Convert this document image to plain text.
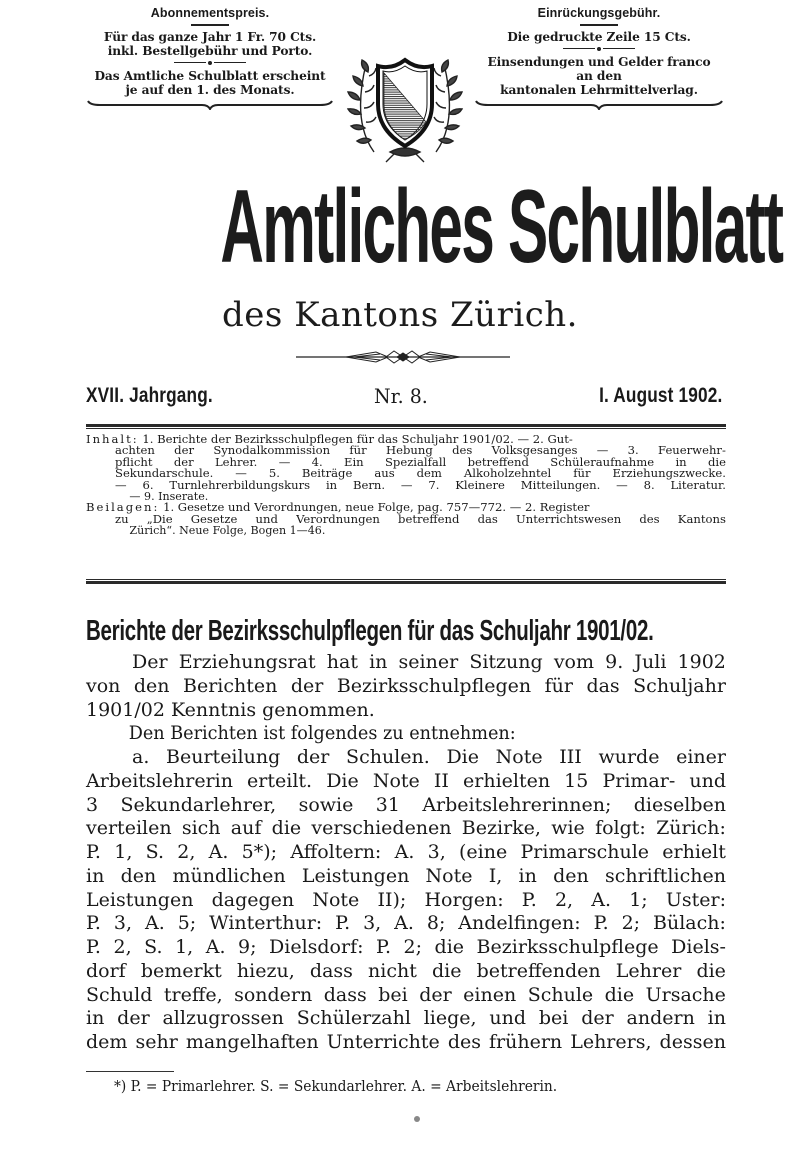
Abonnementspreis.
Für das ganze Jahr 1 Fr. 70 Cts.
inkl. Bestellgebühr und Porto.
Das Amtliche Schulblatt erscheint
je auf den 1. des Monats.
Einrückungsgebühr.
Die gedruckte Zeile 15 Cts.
Einsendungen und Gelder franco
an den
kantonalen Lehrmittelverlag.
Amtliches Schulblatt
des Kantons Zürich.
XVII. Jahrgang.	Nr. 8.	I. August 1902.
Inhalt: 1. Berichte der Bezirksschulpflegen für das Schuljahr 1901/02. — 2. Gut-
achten der Synodalkommission für Hebung des Volksgesanges — 3. Feuerwehr-
pflicht der Lehrer. — 4. Ein Spezialfall betreffend Schüleraufnahme in die
Sekundarschule. — 5. Beiträge aus dem Alkoholzehntel für Erziehungszwecke.
— 6. Turnlehrerbildungskurs in Bern. — 7. Kleinere Mitteilungen. — 8. Literatur.
— 9. Inserate.
Beilagen: 1. Gesetze und Verordnungen, neue Folge, pag. 757—772. — 2. Register
zu „Die Gesetze und Verordnungen betreffend das Unterrichtswesen des Kantons
Zürich“. Neue Folge, Bogen 1—46.
Berichte der Bezirksschulpflegen für das Schuljahr 1901/02.
Der Erziehungsrat hat in seiner Sitzung vom 9. Juli 1902
von den Berichten der Bezirksschulpflegen für das Schuljahr
1901/02 Kenntnis genommen.
Den Berichten ist folgendes zu entnehmen:
a. Beurteilung der Schulen. Die Note III wurde einer
Arbeitslehrerin erteilt. Die Note II erhielten 15 Primar- und
3 Sekundarlehrer, sowie 31 Arbeitslehrerinnen; dieselben
verteilen sich auf die verschiedenen Bezirke, wie folgt: Zürich:
P. 1, S. 2, A. 5*); Affoltern: A. 3, (eine Primarschule erhielt
in den mündlichen Leistungen Note I, in den schriftlichen
Leistungen dagegen Note II); Horgen: P. 2, A. 1; Uster:
P. 3, A. 5; Winterthur: P. 3, A. 8; Andelfingen: P. 2; Bülach:
P. 2, S. 1, A. 9; Dielsdorf: P. 2; die Bezirksschulpflege Diels-
dorf bemerkt hiezu, dass nicht die betreffenden Lehrer die
Schuld treffe, sondern dass bei der einen Schule die Ursache
in der allzugrossen Schülerzahl liege, und bei der andern in
dem sehr mangelhaften Unterrichte des frühern Lehrers, dessen
*) P. = Primarlehrer. S. = Sekundarlehrer. A. = Arbeitslehrerin.
